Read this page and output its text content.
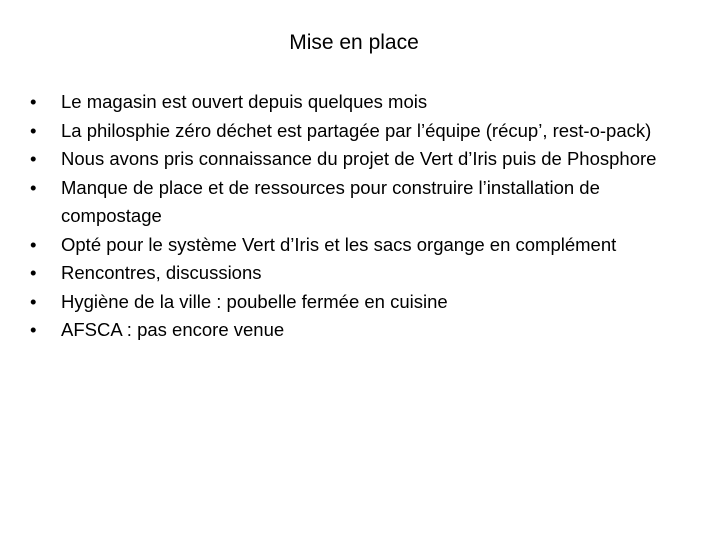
Mise en place
•	Le magasin est ouvert depuis quelques mois
•	La philosphie zéro déchet est partagée par l’équipe (récup’, rest-o-pack)
•	Nous avons pris connaissance du projet de Vert d’Iris puis de Phosphore
•	Manque de place et de ressources pour construire l’installation de compostage
•	Opté pour le système Vert d’Iris et les sacs organge en complément
•	Rencontres, discussions
•	Hygiène de la ville : poubelle fermée en cuisine
•	AFSCA : pas encore venue
